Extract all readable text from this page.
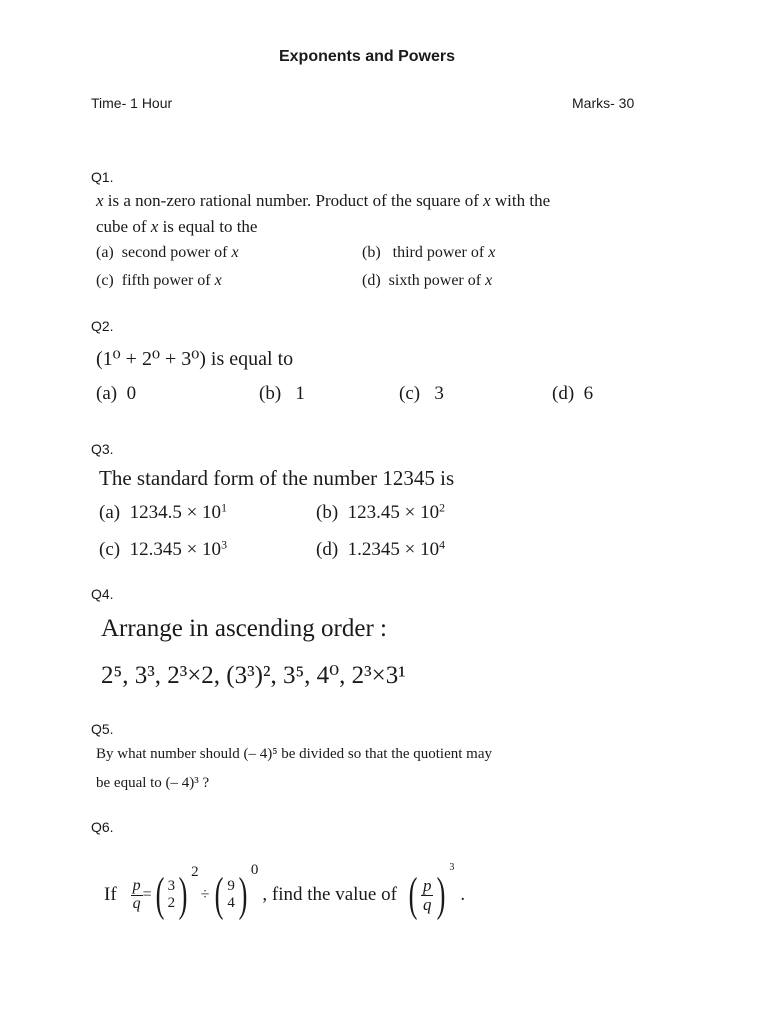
Exponents and Powers
Time- 1 Hour	Marks- 30
Q1.
x is a non-zero rational number. Product of the square of x with the
cube of x is equal to the
(a) second power of x	(b) third power of x
(c) fifth power of x	(d) sixth power of x
Q2.
(1⁰ + 2⁰ + 3⁰) is equal to
(a) 0	(b) 1	(c) 3	(d) 6
Q3.
The standard form of the number 12345 is
(a) $1234.5 \times 10^1$	(b) $123.45 \times 10^2$
(c) $12.345 \times 10^3$	(d) $1.2345 \times 10^4$
Q4.
Arrange in ascending order :
2⁵, 3³, 2³×2, (3³)², 3⁵, 4⁰, 2³×3¹
Q5.
By what number should (– 4)⁵ be divided so that the quotient may
be equal to (– 4)³ ?
Q6.
If $\frac{p}{q}$ = ( 3
2 ) 2
÷ ( 9
4 ) 0
, find the value of ( $\frac{p}{q}$ )
3
.
